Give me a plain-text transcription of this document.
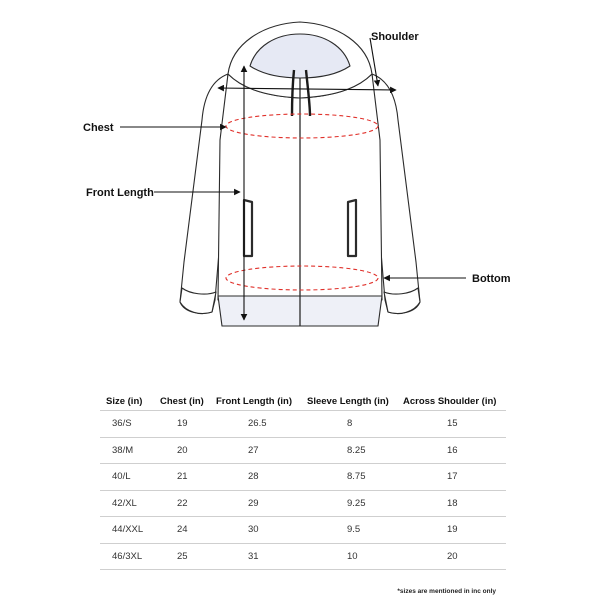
Shoulder
Chest
Front Length
Bottom
Size (in)	Chest (in)	Front Length (in)	Sleeve Length (in)	Across Shoulder (in)
36/S	19	26.5	8	15
38/M	20	27	8.25	16
40/L	21	28	8.75	17
42/XL	22	29	9.25	18
44/XXL	24	30	9.5	19
46/3XL	25	31	10	20
*sizes are mentioned in inc only
